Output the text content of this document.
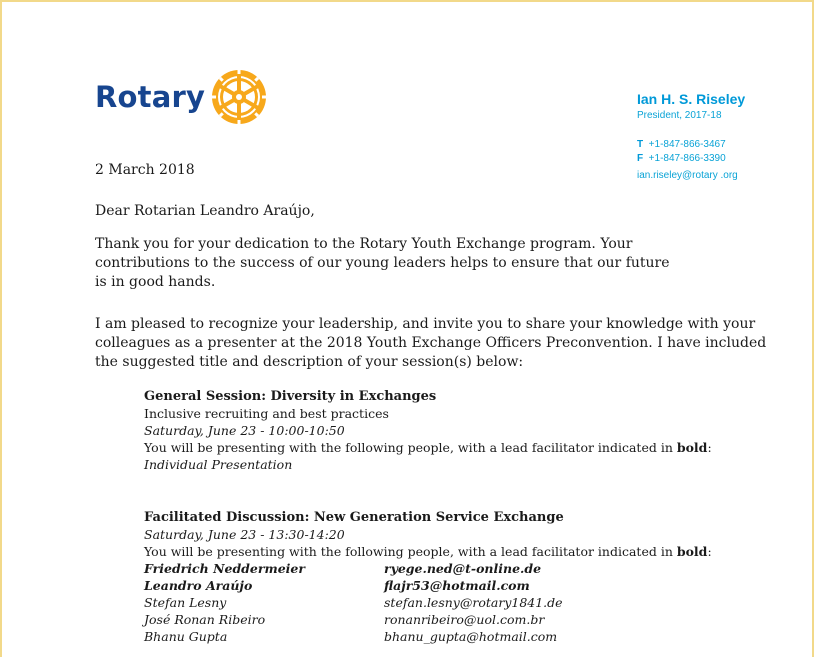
Rotary	Ian H. S. Riseley
President, 2017-18
T +1-847-866-3467
F +1-847-866-3390
ian.riseley@rotary .org
2 March 2018
Dear Rotarian Leandro Araújo,
Thank you for your dedication to the Rotary Youth Exchange program. Your
contributions to the success of our young leaders helps to ensure that our future
is in good hands.
I am pleased to recognize your leadership, and invite you to share your knowledge with your
colleagues as a presenter at the 2018 Youth Exchange Officers Preconvention. I have included
the suggested title and description of your session(s) below:
General Session: Diversity in Exchanges
Inclusive recruiting and best practices
Saturday, June 23 - 10:00-10:50
You will be presenting with the following people, with a lead facilitator indicated in bold:
Individual Presentation
Facilitated Discussion: New Generation Service Exchange
Saturday, June 23 - 13:30-14:20
You will be presenting with the following people, with a lead facilitator indicated in bold:
Friedrich Neddermeier	ryege.ned@t-online.de
Leandro Araújo	flajr53@hotmail.com
Stefan Lesny	stefan.lesny@rotary1841.de
José Ronan Ribeiro	ronanribeiro@uol.com.br
Bhanu Gupta	bhanu_gupta@hotmail.com
